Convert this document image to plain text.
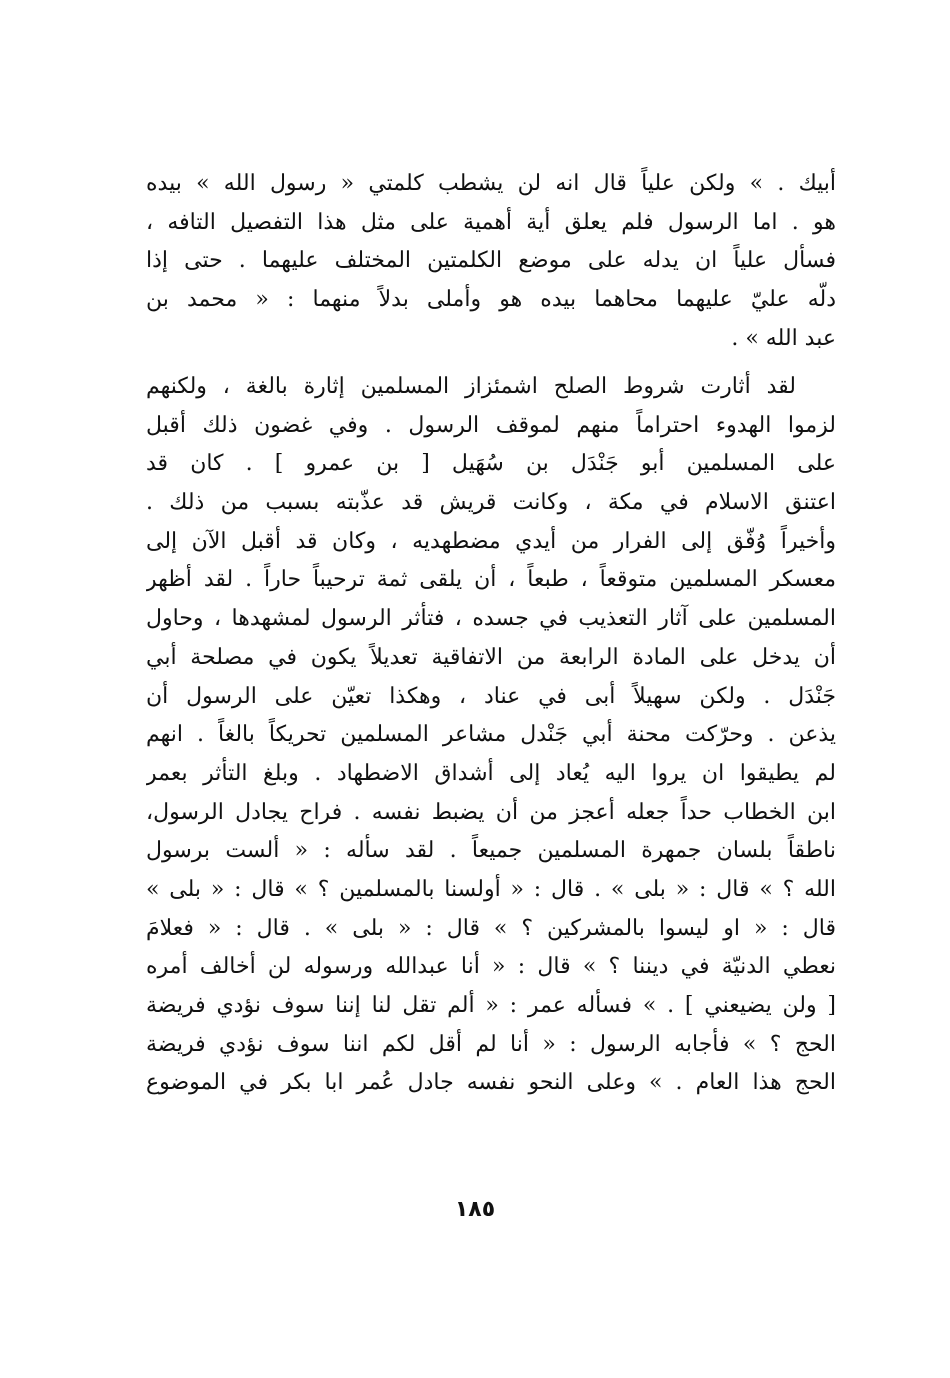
أبيك . » ولكن علياً قال انه لن يشطب كلمتي « رسول الله » بيده
هو . اما الرسول فلم يعلق أية أهمية على مثل هذا التفصيل التافه ،
فسأل علياً ان يدله على موضع الكلمتين المختلف عليهما . حتى إذا
دلّه عليّ عليهما محاهما بيده هو وأملى بدلاً منهما : « محمد بن
عبد الله » .
لقد أثارت شروط الصلح اشمئزاز المسلمين إثارة بالغة ، ولكنهم
لزموا الهدوء احتراماً منهم لموقف الرسول . وفي غضون ذلك أقبل
على المسلمين أبو جَنْدَل بن سُهَيل [ بن عمرو ] . كان قد
اعتنق الاسلام في مكة ، وكانت قريش قد عذّبته بسبب من ذلك .
وأخيراً وُفّق إلى الفرار من أيدي مضطهديه ، وكان قد أقبل الآن إلى
معسكر المسلمين متوقعاً ، طبعاً ، أن يلقى ثمة ترحيباً حاراً . لقد أظهر
المسلمين على آثار التعذيب في جسده ، فتأثر الرسول لمشهدها ، وحاول
أن يدخل على المادة الرابعة من الاتفاقية تعديلاً يكون في مصلحة أبي
جَنْدَل . ولكن سهيلاً أبى في عناد ، وهكذا تعيّن على الرسول أن
يذعن . وحرّكت محنة أبي جَنْدل مشاعر المسلمين تحريكاً بالغاً . انهم
لم يطيقوا ان يروا اليه يُعاد إلى أشداق الاضطهاد . وبلغ التأثر بعمر
ابن الخطاب حداً جعله أعجز من أن يضبط نفسه . فراح يجادل الرسول،
ناطقاً بلسان جمهرة المسلمين جميعاً . لقد سأله : « ألست برسول
الله ؟ » قال : « بلى » . قال : « أولسنا بالمسلمين ؟ » قال : « بلى »
قال : « او ليسوا بالمشركين ؟ » قال : « بلى » . قال : « فعلامَ
نعطي الدنيّة في ديننا ؟ » قال : « أنا عبدالله ورسوله لن أخالف أمره
[ ولن يضيعني ] . » فسأله عمر : « ألم تقل لنا إننا سوف نؤدي فريضة
الحج ؟ » فأجابه الرسول : « أنا لم أقل لكم اننا سوف نؤدي فريضة
الحج هذا العام . » وعلى النحو نفسه جادل عُمر ابا بكر في الموضوع
١٨٥
